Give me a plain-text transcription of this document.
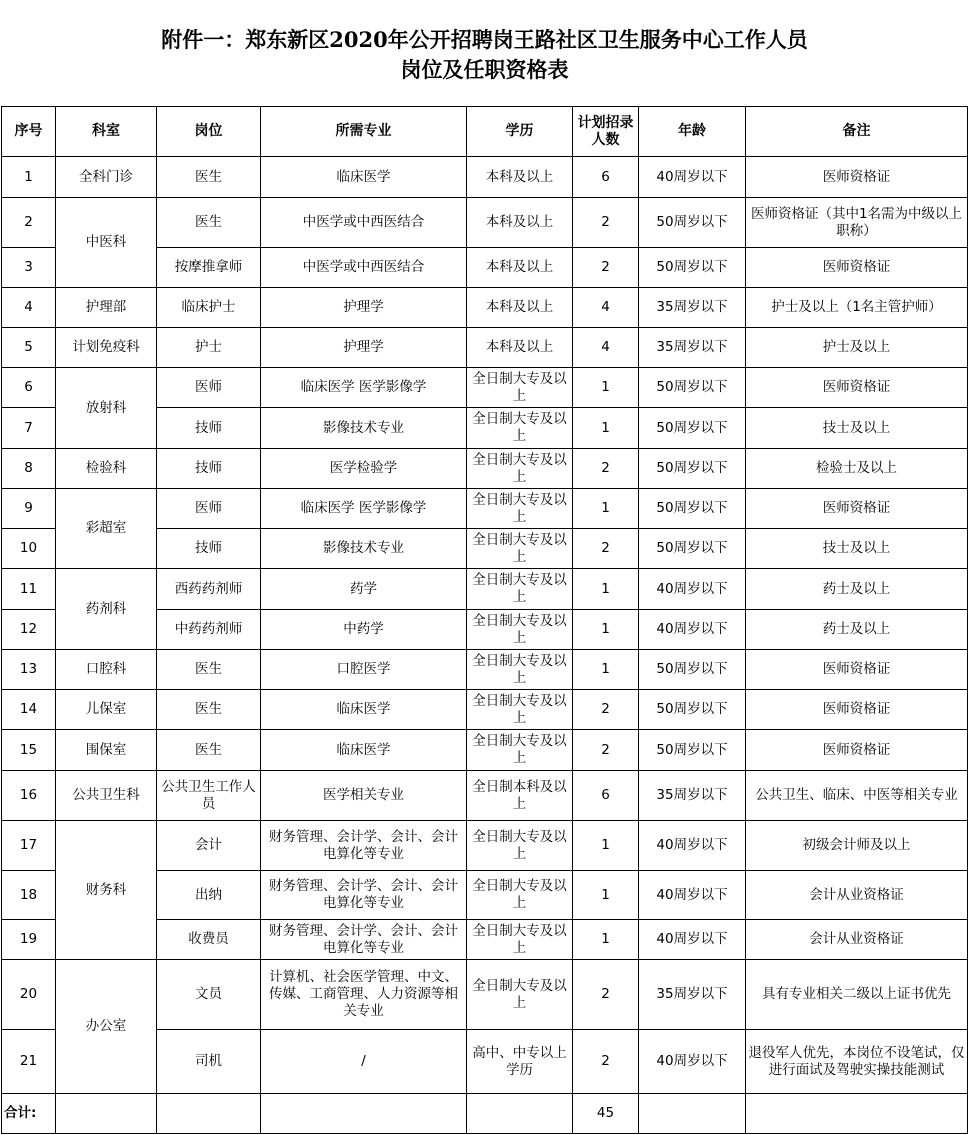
附件一：郑东新区2020年公开招聘岗王路社区卫生服务中心工作人员
岗位及任职资格表
序号	科室	岗位	所需专业	学历	计划招录人数	年龄	备注
1	全科门诊	医生	临床医学	本科及以上	6	40周岁以下	医师资格证
2	中医科	医生	中医学或中西医结合	本科及以上	2	50周岁以下	医师资格证（其中1名需为中级以上职称）
3		按摩推拿师	中医学或中西医结合	本科及以上	2	50周岁以下	医师资格证
4	护理部	临床护士	护理学	本科及以上	4	35周岁以下	护士及以上（1名主管护师）
5	计划免疫科	护士	护理学	本科及以上	4	35周岁以下	护士及以上
6	放射科	医师	临床医学 医学影像学	全日制大专及以上	1	50周岁以下	医师资格证
7		技师	影像技术专业	全日制大专及以上	1	50周岁以下	技士及以上
8	检验科	技师	医学检验学	全日制大专及以上	2	50周岁以下	检验士及以上
9	彩超室	医师	临床医学 医学影像学	全日制大专及以上	1	50周岁以下	医师资格证
10		技师	影像技术专业	全日制大专及以上	2	50周岁以下	技士及以上
11	药剂科	西药药剂师	药学	全日制大专及以上	1	40周岁以下	药士及以上
12		中药药剂师	中药学	全日制大专及以上	1	40周岁以下	药士及以上
13	口腔科	医生	口腔医学	全日制大专及以上	1	50周岁以下	医师资格证
14	儿保室	医生	临床医学	全日制大专及以上	2	50周岁以下	医师资格证
15	围保室	医生	临床医学	全日制大专及以上	2	50周岁以下	医师资格证
16	公共卫生科	公共卫生工作人员	医学相关专业	全日制本科及以上	6	35周岁以下	公共卫生、临床、中医等相关专业
17	财务科	会计	财务管理、会计学、会计、会计电算化等专业	全日制大专及以上	1	40周岁以下	初级会计师及以上
18		出纳	财务管理、会计学、会计、会计电算化等专业	全日制大专及以上	1	40周岁以下	会计从业资格证
19		收费员	财务管理、会计学、会计、会计电算化等专业	全日制大专及以上	1	40周岁以下	会计从业资格证
20	办公室	文员	计算机、社会医学管理、中文、传媒、工商管理、人力资源等相关专业	全日制大专及以上	2	35周岁以下	具有专业相关二级以上证书优先
21		司机	/	高中、中专以上学历	2	40周岁以下	退役军人优先，本岗位不设笔试，仅进行面试及驾驶实操技能测试
合计:					45		
